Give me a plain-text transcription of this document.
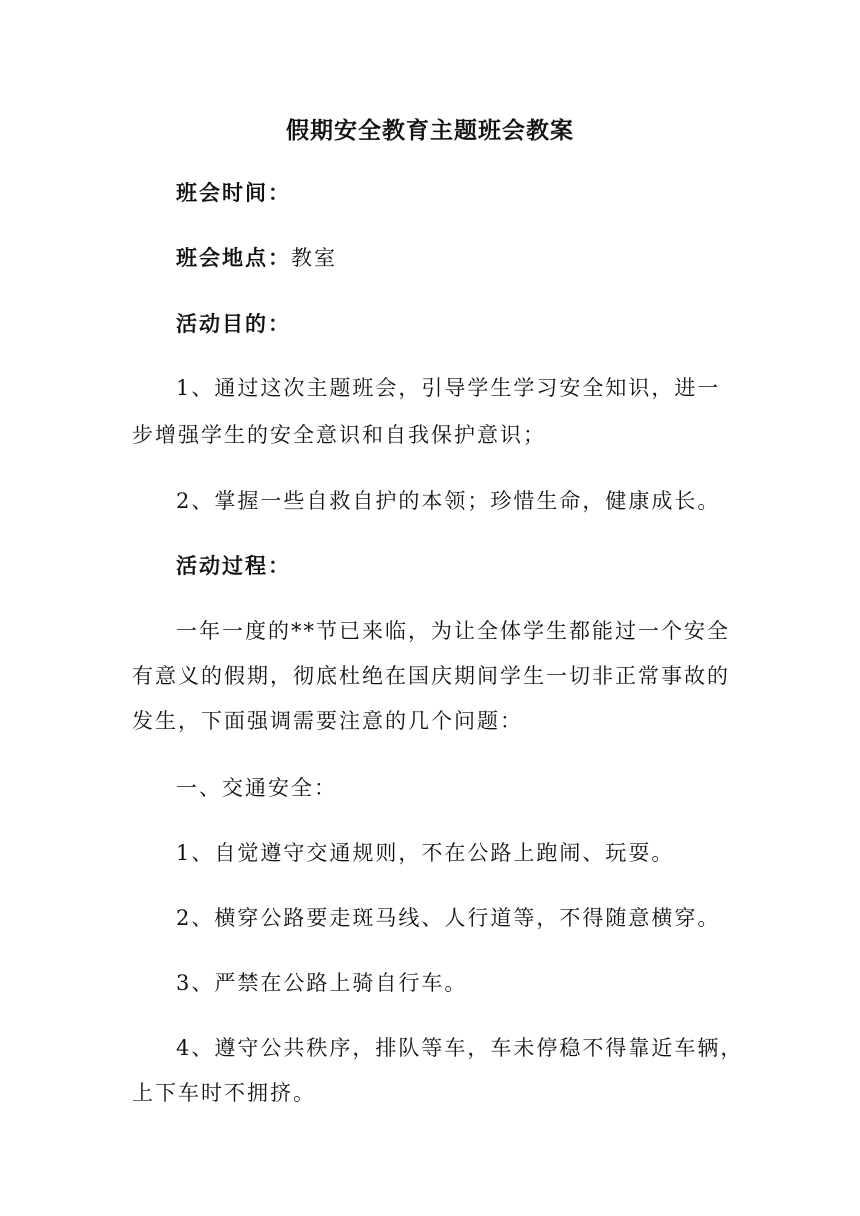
假期安全教育主题班会教案
班会时间：
班会地点：教室
活动目的：
1、通过这次主题班会，引导学生学习安全知识，进一
步增强学生的安全意识和自我保护意识；
2、掌握一些自救自护的本领；珍惜生命，健康成长。
活动过程：
一年一度的**节已来临，为让全体学生都能过一个安全
有意义的假期，彻底杜绝在国庆期间学生一切非正常事故的
发生，下面强调需要注意的几个问题：
一、交通安全：
1、自觉遵守交通规则，不在公路上跑闹、玩耍。
2、横穿公路要走斑马线、人行道等，不得随意横穿。
3、严禁在公路上骑自行车。
4、遵守公共秩序，排队等车，车未停稳不得靠近车辆，
上下车时不拥挤。
